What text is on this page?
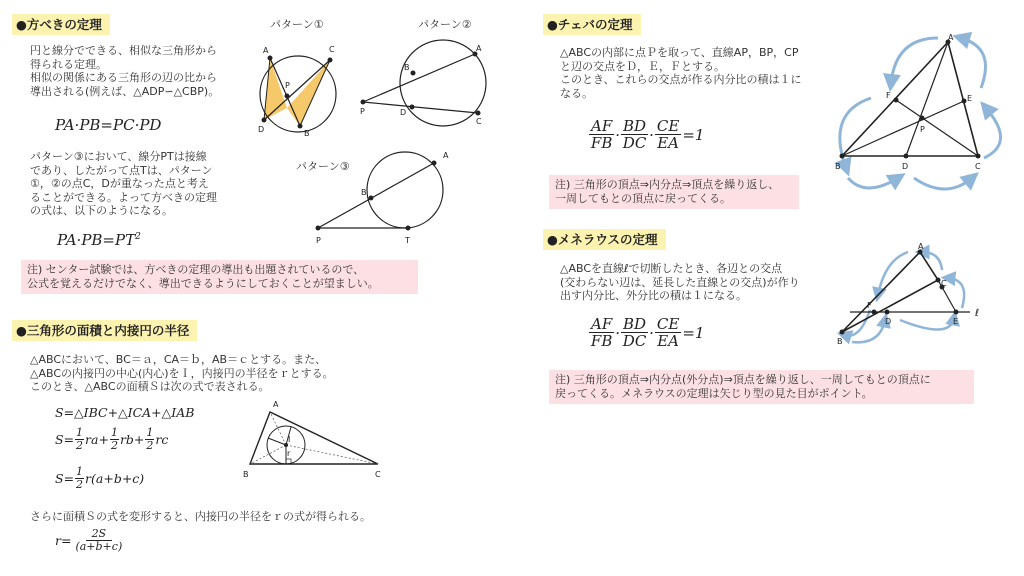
●方べきの定理
円と線分でできる、相似な三角形から
得られる定理。
相似の関係にある三角形の辺の比から
導出される(例えば、△ADP∽△CBP)。
PA·PB=PC·PD
パターン③において、線分PTは接線
であり、したがって点Tは、パターン
①，②の点C，Dが重なった点と考え
ることができる。よって方べきの定理
の式は、以下のようになる。
$PA\cdot PB=PT^2$
注) センター試験では、方べきの定理の導出も出題されているので、
公式を覚えるだけでなく、導出できるようにしておくことが望ましい。
パターン①	パターン②
パターン③
A	C
D	B
P
A
B
P	D
C
A
B
P	T
●三角形の面積と内接円の半径
△ABCにおいて、BC＝ａ，CA＝ｂ，AB＝ｃとする。また、
△ABCの内接円の中心(内心)をＩ，内接円の半径をｒとする。
このとき、△ABCの面積Ｓは次の式で表される。
S=△IBC+△ICA+△IAB
$S= \frac{1}{2} ra+ \frac{1}{2} rb+ \frac{1}{2}$ rc
$S= \frac{1}{2} r(a+b+c)$
さらに面積Ｓの式を変形すると、内接円の半径をｒの式が得られる。
$r= \frac{2S}{(a+b+c)}$
A
B	C
I
r
●チェバの定理
△ABCの内部に点Ｐを取って、直線AP，BP，CP
と辺の交点をＤ，Ｅ，Ｆとする。
このとき、これらの交点が作る内分比の積は１に
なる。
$\frac{AF}{FB} \cdot \frac{BD}{DC} \cdot \frac{CE}{EA} =1$
注) 三角形の頂点⇒内分点⇒頂点を繰り返し、
一周してもとの頂点に戻ってくる。
A
B	C
D
E
F
P
●メネラウスの定理
△ABCを直線ℓで切断したとき、各辺との交点
(交わらない辺は、延長した直線との交点)が作り
出す内分比、外分比の積は１になる。
$\frac{AF}{FB} \cdot \frac{BD}{DC} \cdot \frac{CE}{EA} =1$
注) 三角形の頂点⇒内分点(外分点)⇒頂点を繰り返し、一周してもとの頂点に
戻ってくる。メネラウスの定理は矢じり型の見た目がポイント。
A
B
C
D	E
F
ℓ
